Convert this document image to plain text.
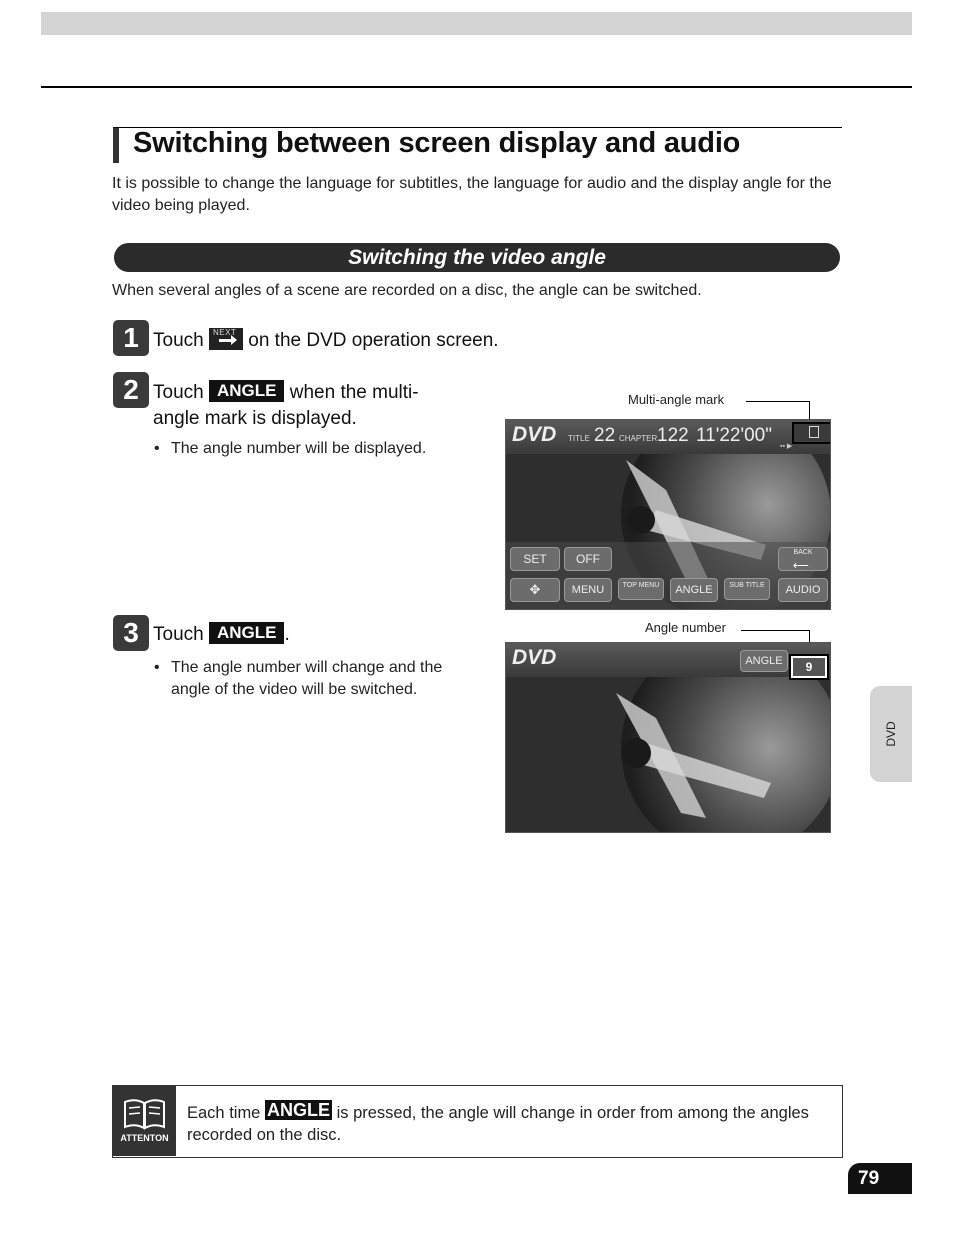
Switching between screen display and audio
It is possible to change the language for subtitles, the language for audio and the display angle for the video being played.
Switching the video angle
When several angles of a scene are recorded on a disc, the angle can be switched.
1 Touch NEXT on the DVD operation screen.
2 Touch ANGLE when the multi-
angle mark is displayed.
• The angle number will be displayed.
3 Touch ANGLE .
• The angle number will change and the
angle of the video will be switched.
Multi-angle mark
DVD TITLE 22 CHAPTER 122 11'22'00"
▪▪ ▶
SET	OFF	BACK
⟵
✥	MENU	TOP MENU	ANGLE	SUB TITLE	AUDIO
Angle number
DVD	ANGLE	9
DVD
ATTENTON
Each time ANGLE is pressed, the angle will change in order from among the angles recorded on the disc.
79
